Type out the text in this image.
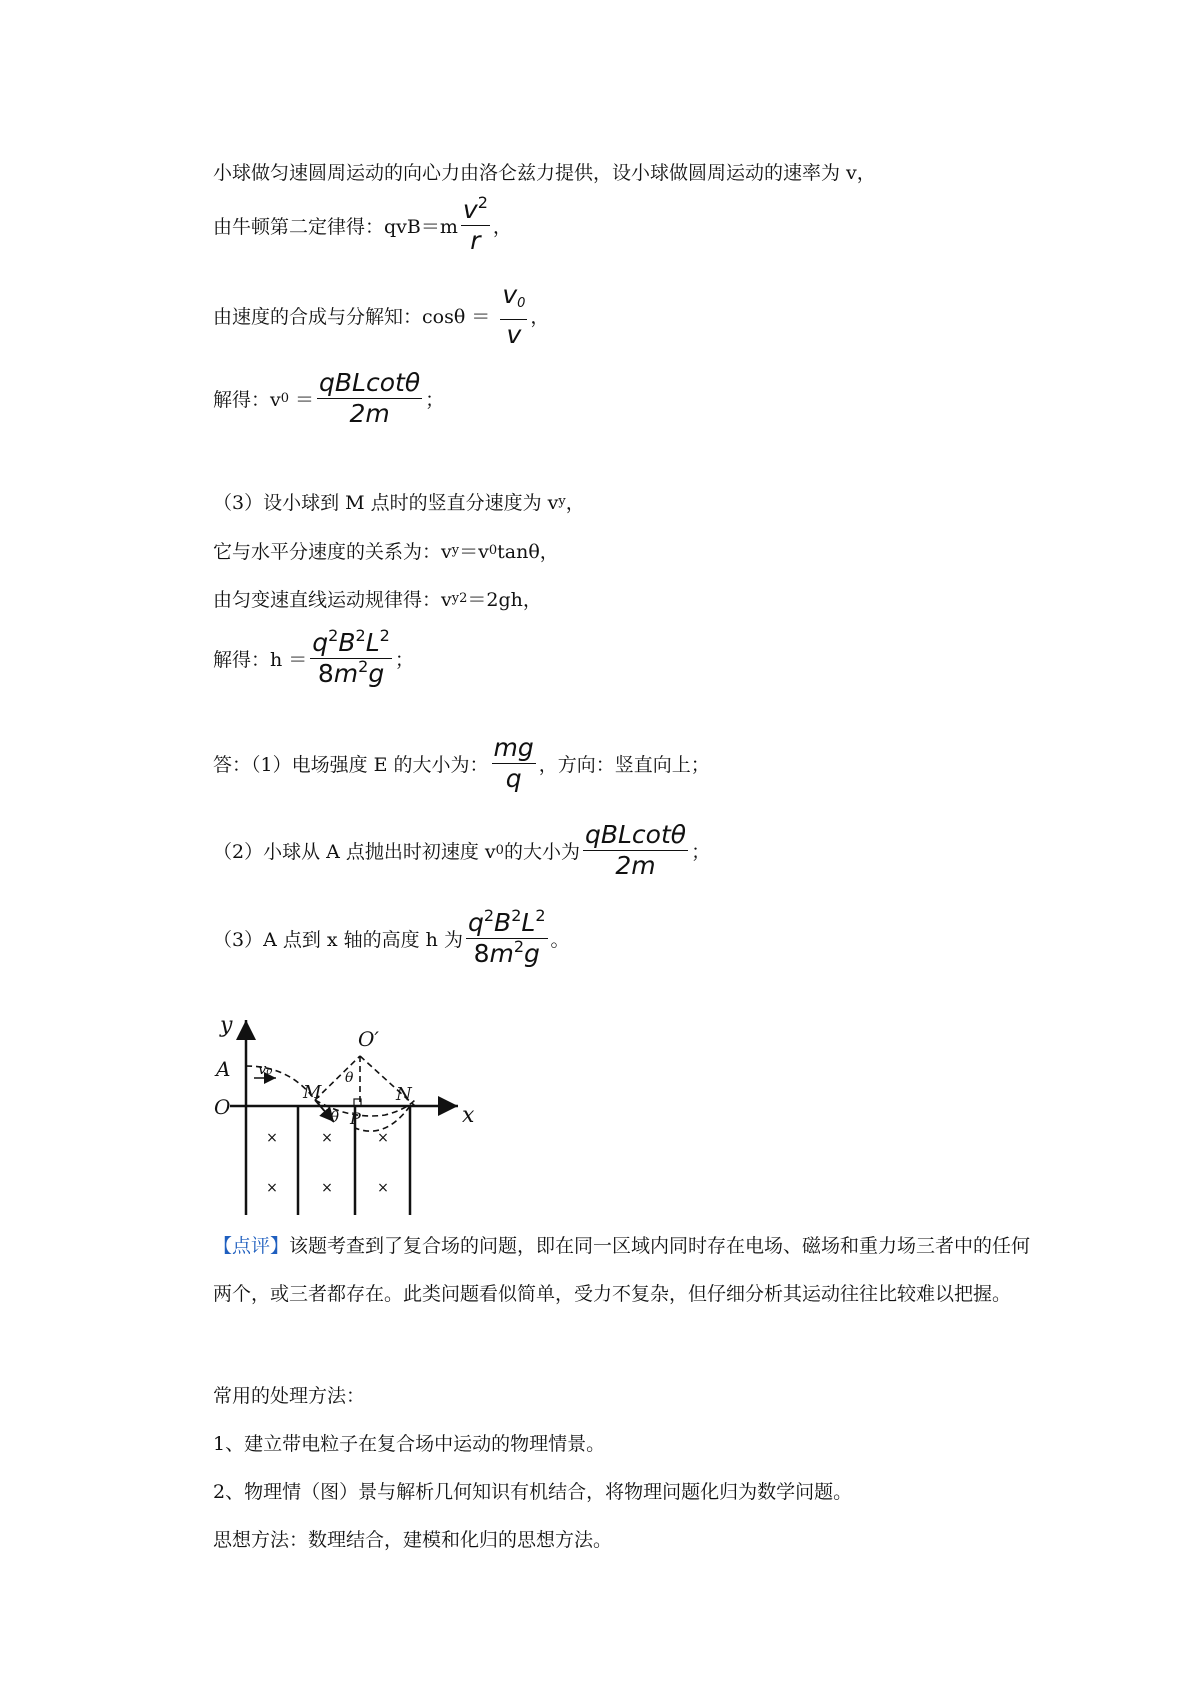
小球做匀速圆周运动的向心力由洛仑兹力提供，设小球做圆周运动的速率为 v，
由牛顿第二定律得：$qvB=m \frac{v^2}{r}$ ，
由速度的合成与分解知：$\cos\theta = \frac{v_0}{v}$ ，
解得：v $0 = \frac{\text{qBLcotθ}}{2m}$ ；
（3）设小球到 M 点时的竖直分速度为 v y ，
它与水平分速度的关系为：v y ＝v 0 tanθ，
由匀变速直线运动规律得：v y 2 ＝2gh，
解得：$h = \frac{q^2B^2L^2}{8m^2g}$ ；
答：（1）电场强度 E 的大小为： $\frac{mg}{q}$ ，方向：竖直向上；
（2）小球从 A 点抛出时初速度 v 0 的大小为 $\frac{\text{qBLcotθ}}{2m}$ ；
（3）A 点到 x 轴的高度 h 为 $\frac{q^2B^2L^2}{8m^2g}$ 。
y
x
A
O
v₀
M
O′
θ
θ P
N
×	×	×
×	×	×
【点评】该题考查到了复合场的问题，即在同一区域内同时存在电场、磁场和重力场三者中的任何两个，或三者都存在。此类问题看似简单，受力不复杂，但仔细分析其运动往往比较难以把握。
常用的处理方法：
1、建立带电粒子在复合场中运动的物理情景。
2、物理情（图）景与解析几何知识有机结合，将物理问题化归为数学问题。
思想方法：数理结合，建模和化归的思想方法。
